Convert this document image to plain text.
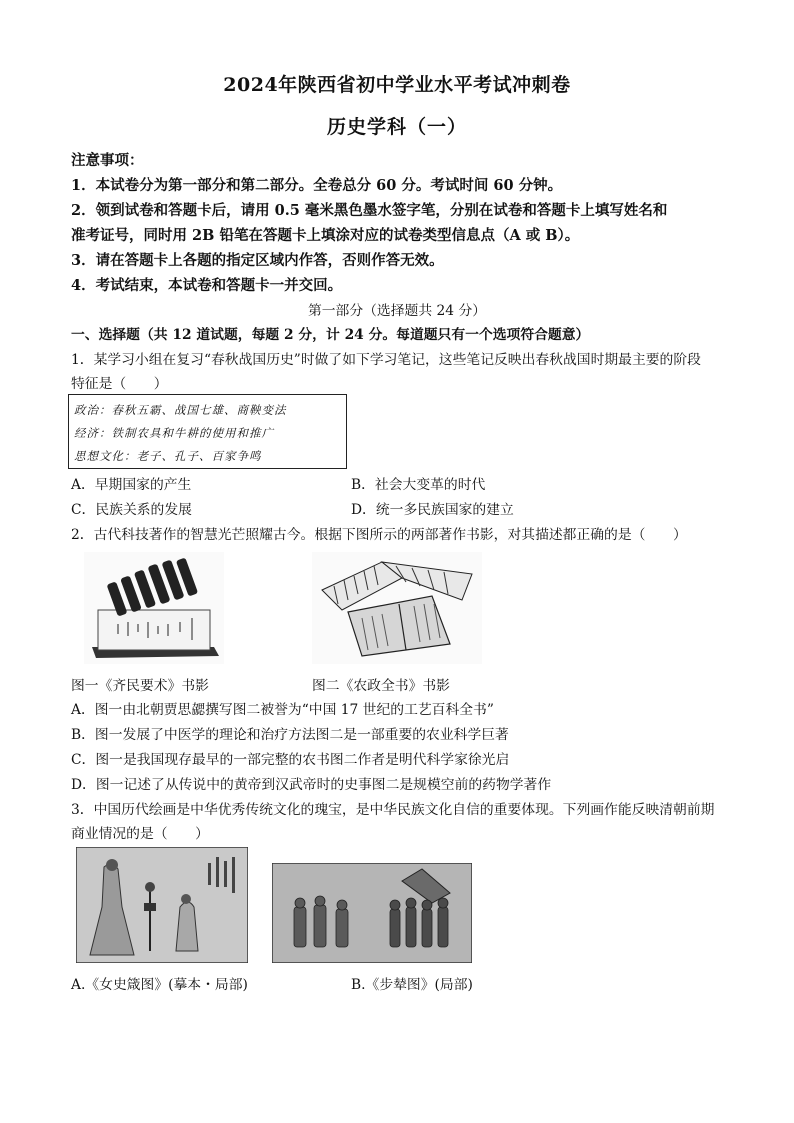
2024年陕西省初中学业水平考试冲刺卷
历史学科（一）
注意事项：
1．本试卷分为第一部分和第二部分。全卷总分 60 分。考试时间 60 分钟。
2．领到试卷和答题卡后，请用 0.5 毫米黑色墨水签字笔，分别在试卷和答题卡上填写姓名和
准考证号，同时用 2B 铅笔在答题卡上填涂对应的试卷类型信息点（A 或 B）。
3．请在答题卡上各题的指定区域内作答，否则作答无效。
4．考试结束，本试卷和答题卡一并交回。
第一部分（选择题共 24 分）
一、选择题（共 12 道试题，每题 2 分，计 24 分。每道题只有一个选项符合题意）
1．某学习小组在复习“春秋战国历史”时做了如下学习笔记，这些笔记反映出春秋战国时期最主要的阶段
特征是（　　）
政治：春秋五霸、战国七雄、商鞅变法
经济：铁制农具和牛耕的使用和推广
思想文化：老子、孔子、百家争鸣
A．早期国家的产生	B．社会大变革的时代
C．民族关系的发展	D．统一多民族国家的建立
2．古代科技著作的智慧光芒照耀古今。根据下图所示的两部著作书影，对其描述都正确的是（　　）
图一《齐民要术》书影	图二《农政全书》书影
A．图一由北朝贾思勰撰写图二被誉为“中国 17 世纪的工艺百科全书”
B．图一发展了中医学的理论和治疗方法图二是一部重要的农业科学巨著
C．图一是我国现存最早的一部完整的农书图二作者是明代科学家徐光启
D．图一记述了从传说中的黄帝到汉武帝时的史事图二是规模空前的药物学著作
3．中国历代绘画是中华优秀传统文化的瑰宝，是中华民族文化自信的重要体现。下列画作能反映清朝前期
商业情况的是（　　）
A.《女史箴图》(摹本・局部)	B.《步辇图》(局部)
